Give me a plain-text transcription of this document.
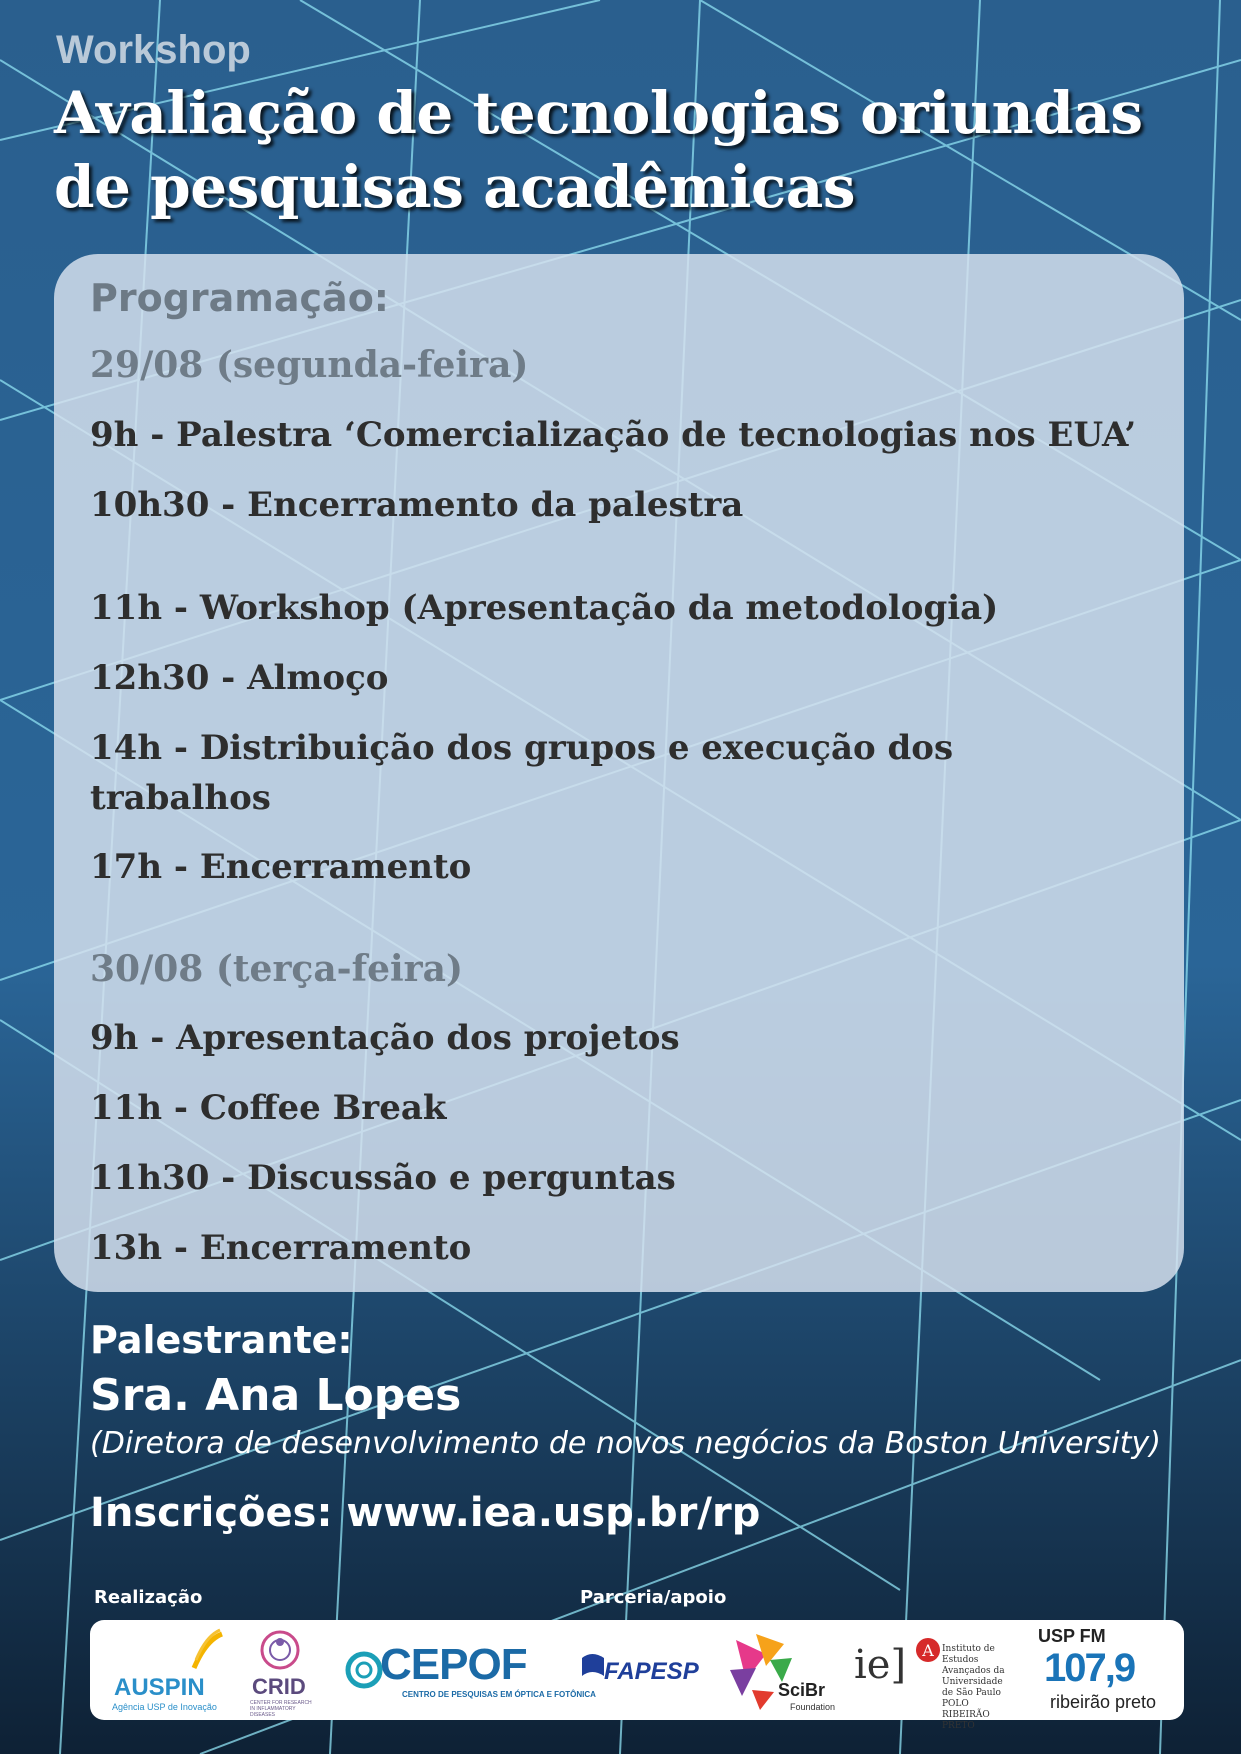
Workshop
Avaliação de tecnologias oriundas de pesquisas acadêmicas
Programação:
29/08 (segunda-feira)
9h - Palestra ‘Comercialização de tecnologias nos EUA’
10h30 - Encerramento da palestra
11h - Workshop (Apresentação da metodologia)
12h30 - Almoço
14h - Distribuição dos grupos e execução dos trabalhos
17h - Encerramento
30/08 (terça-feira)
9h - Apresentação dos projetos
11h - Coffee Break
11h30 - Discussão e perguntas
13h - Encerramento
Palestrante:
Sra. Ana Lopes
(Diretora de desenvolvimento de novos negócios da Boston University)
Inscrições: www.iea.usp.br/rp
Realização	Parceria/apoio
AUSPIN
Agência USP de Inovação
CRID
CENTER FOR RESEARCH IN INFLAMMATORY DISEASES
CEPOF
CENTRO DE PESQUISAS EM ÓPTICA E FOTÔNICA
FAPESP
SciBr
Foundation
ie] A Instituto de Estudos Avançados da Universidade de São Paulo POLO RIBEIRÃO PRETO
USP FM
107,9
ribeirão preto
